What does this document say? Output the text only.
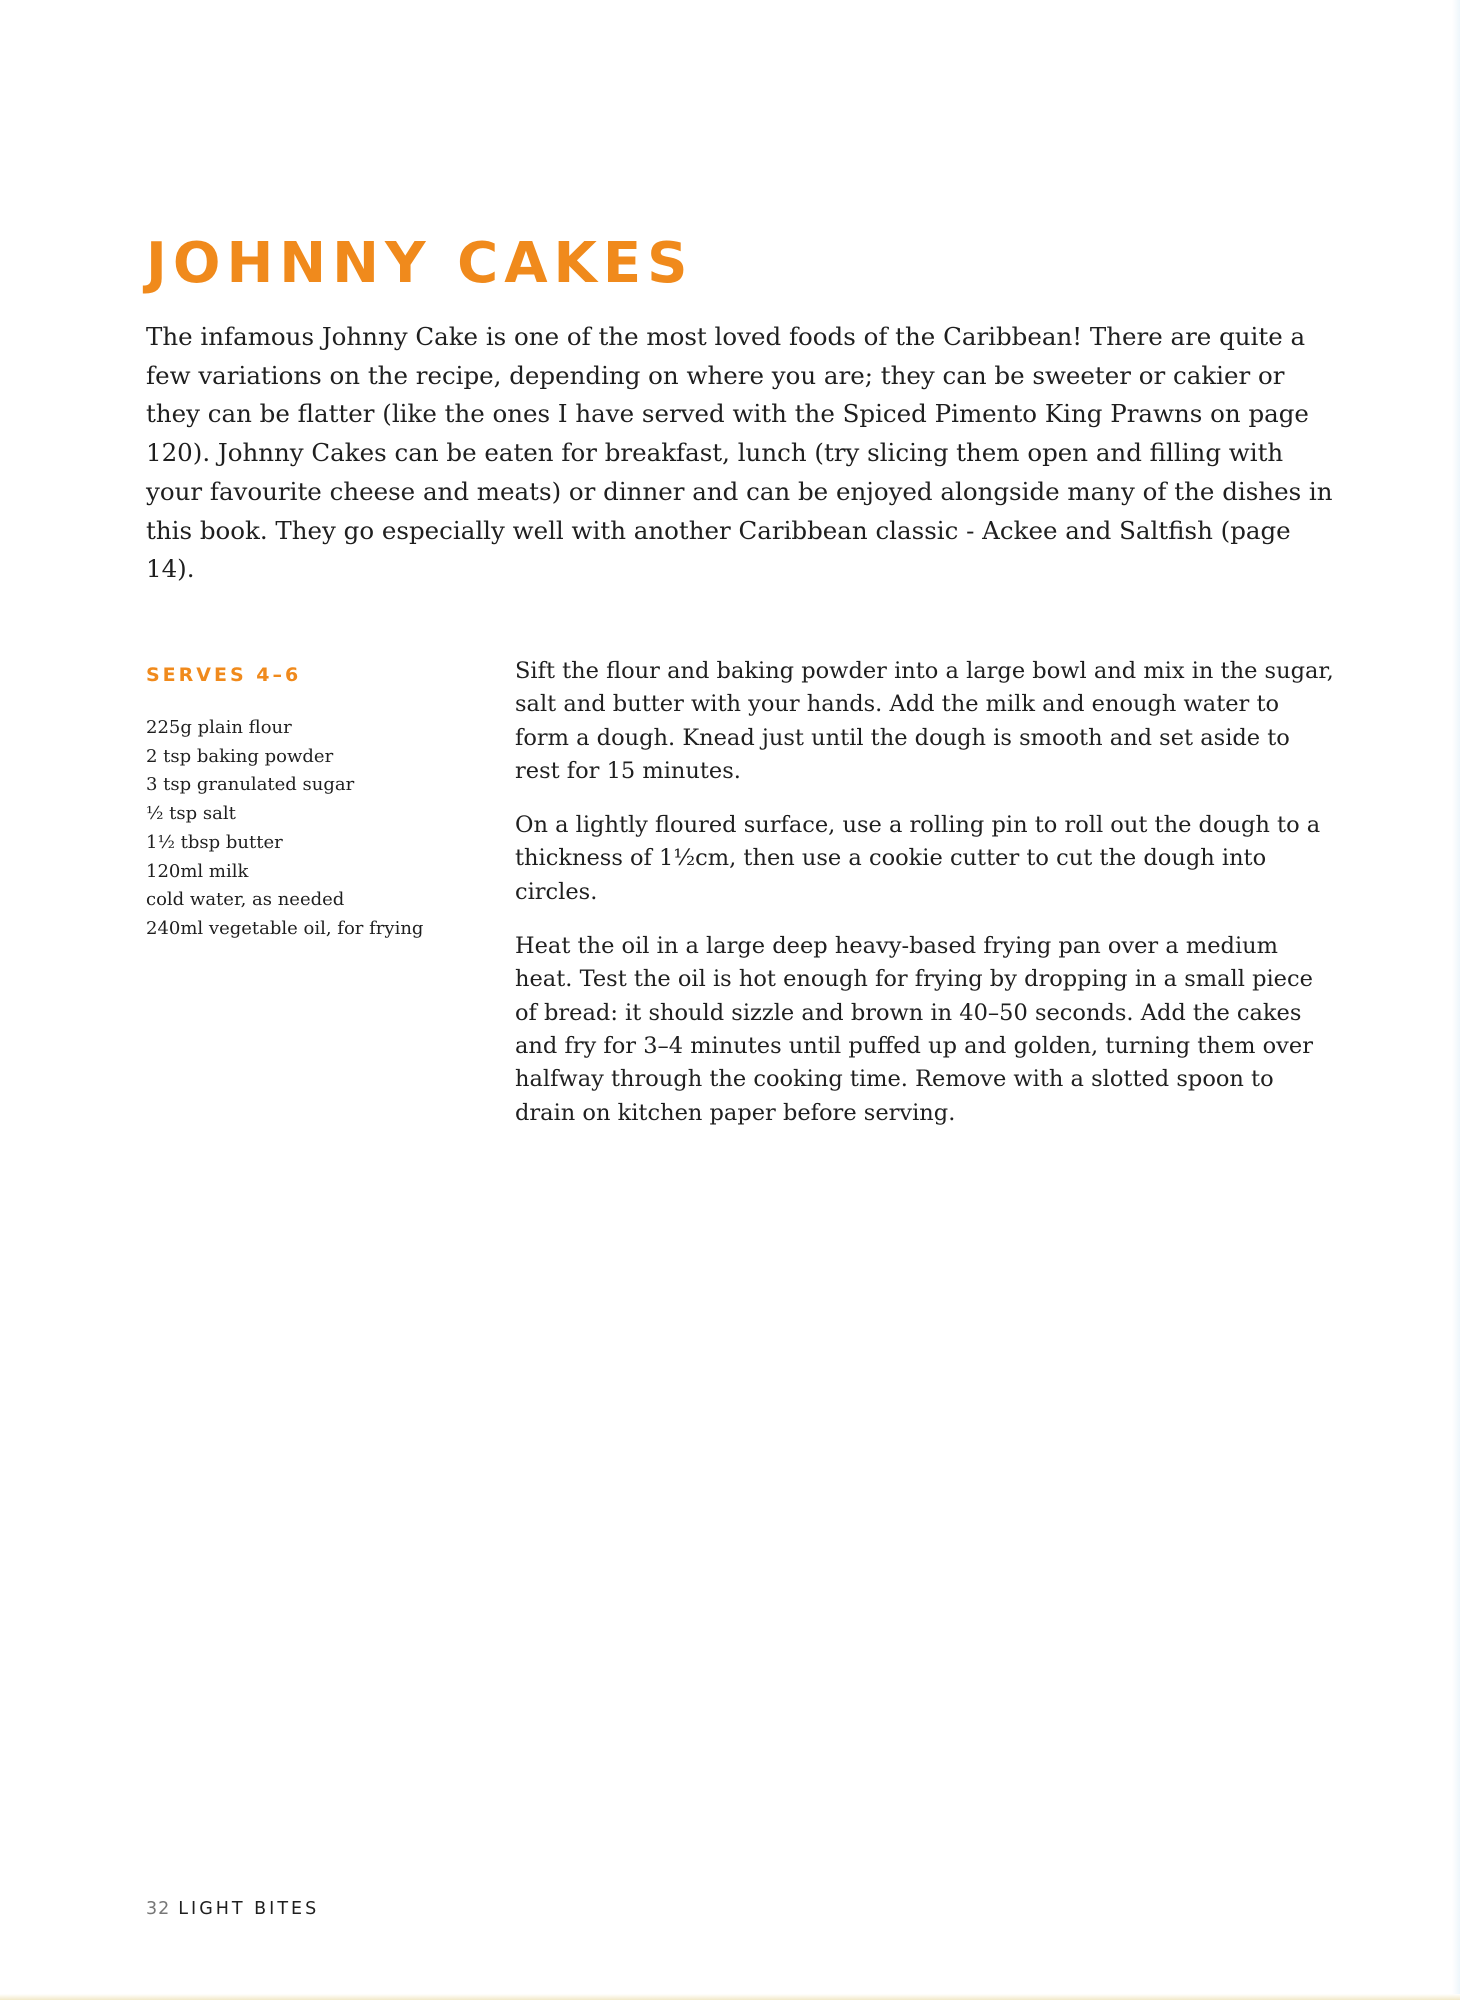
JOHNNY CAKES

The infamous Johnny Cake is one of the most loved foods of the Caribbean! There are quite a few variations on the recipe, depending on where you are; they can be sweeter or cakier or they can be flatter (like the ones I have served with the Spiced Pimento King Prawns on page 120). Johnny Cakes can be eaten for breakfast, lunch (try slicing them open and filling with your favourite cheese and meats) or dinner and can be enjoyed alongside many of the dishes in this book. They go especially well with another Caribbean classic - Ackee and Saltfish (page 14).

SERVES 4–6
225g plain flour
2 tsp baking powder
3 tsp granulated sugar
½ tsp salt
1½ tbsp butter
120ml milk
cold water, as needed
240ml vegetable oil, for frying

Sift the flour and baking powder into a large bowl and mix in the sugar, salt and butter with your hands. Add the milk and enough water to form a dough. Knead just until the dough is smooth and set aside to rest for 15 minutes.

On a lightly floured surface, use a rolling pin to roll out the dough to a thickness of 1½cm, then use a cookie cutter to cut the dough into circles.

Heat the oil in a large deep heavy-based frying pan over a medium heat. Test the oil is hot enough for frying by dropping in a small piece of bread: it should sizzle and brown in 40–50 seconds. Add the cakes and fry for 3–4 minutes until puffed up and golden, turning them over halfway through the cooking time. Remove with a slotted spoon to drain on kitchen paper before serving.

32 LIGHT BITES
